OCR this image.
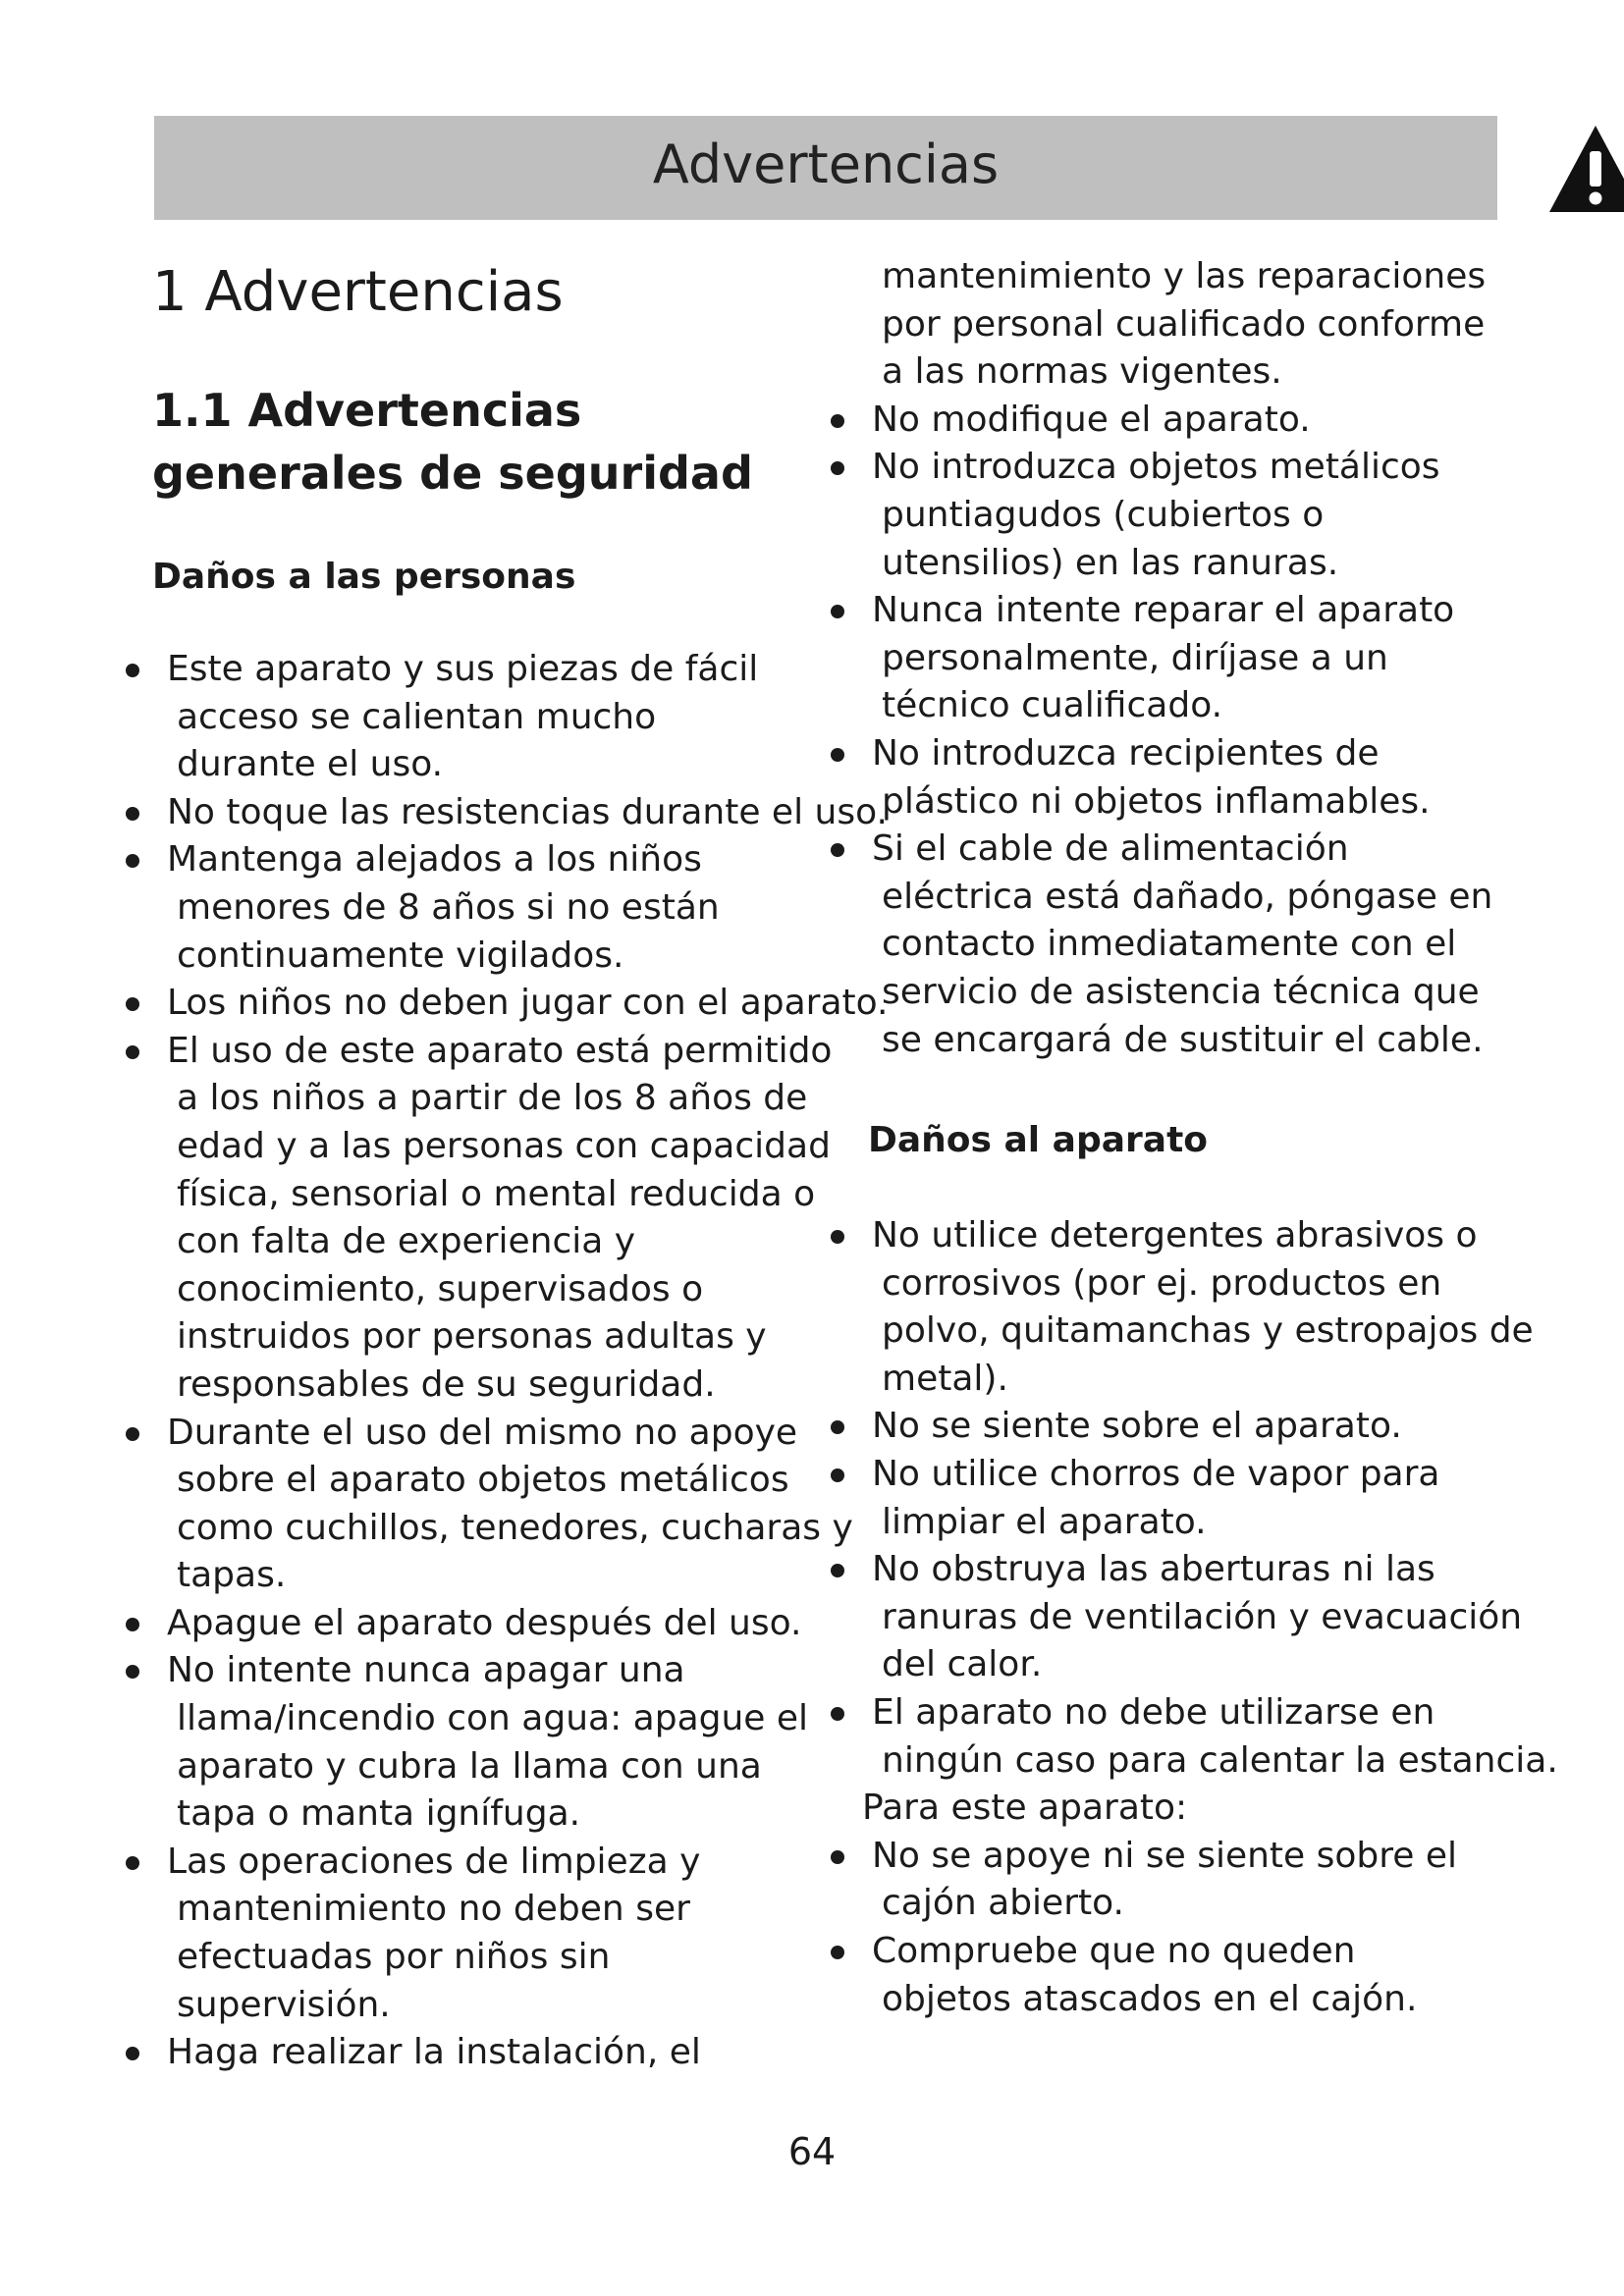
Advertencias
1 Advertencias
1.1 Advertencias generales de seguridad
Daños a las personas
Este aparato y sus piezas de fácil
acceso se calientan mucho
durante el uso.
No toque las resistencias durante el uso.
Mantenga alejados a los niños
menores de 8 años si no están
continuamente vigilados.
Los niños no deben jugar con el aparato.
El uso de este aparato está permitido
a los niños a partir de los 8 años de
edad y a las personas con capacidad
física, sensorial o mental reducida o
con falta de experiencia y
conocimiento, supervisados o
instruidos por personas adultas y
responsables de su seguridad.
Durante el uso del mismo no apoye
sobre el aparato objetos metálicos
como cuchillos, tenedores, cucharas y
tapas.
Apague el aparato después del uso.
No intente nunca apagar una
llama/incendio con agua: apague el
aparato y cubra la llama con una
tapa o manta ignífuga.
Las operaciones de limpieza y
mantenimiento no deben ser
efectuadas por niños sin
supervisión.
Haga realizar la instalación, el
mantenimiento y las reparaciones
por personal cualificado conforme
a las normas vigentes.
No modifique el aparato.
No introduzca objetos metálicos
puntiagudos (cubiertos o
utensilios) en las ranuras.
Nunca intente reparar el aparato
personalmente, diríjase a un
técnico cualificado.
No introduzca recipientes de
plástico ni objetos inflamables.
Si el cable de alimentación
eléctrica está dañado, póngase en
contacto inmediatamente con el
servicio de asistencia técnica que
se encargará de sustituir el cable.
Daños al aparato
No utilice detergentes abrasivos o
corrosivos (por ej. productos en
polvo, quitamanchas y estropajos de
metal).
No se siente sobre el aparato.
No utilice chorros de vapor para
limpiar el aparato.
No obstruya las aberturas ni las
ranuras de ventilación y evacuación
del calor.
El aparato no debe utilizarse en
ningún caso para calentar la estancia.
Para este aparato:
No se apoye ni se siente sobre el
cajón abierto.
Compruebe que no queden
objetos atascados en el cajón.
64
